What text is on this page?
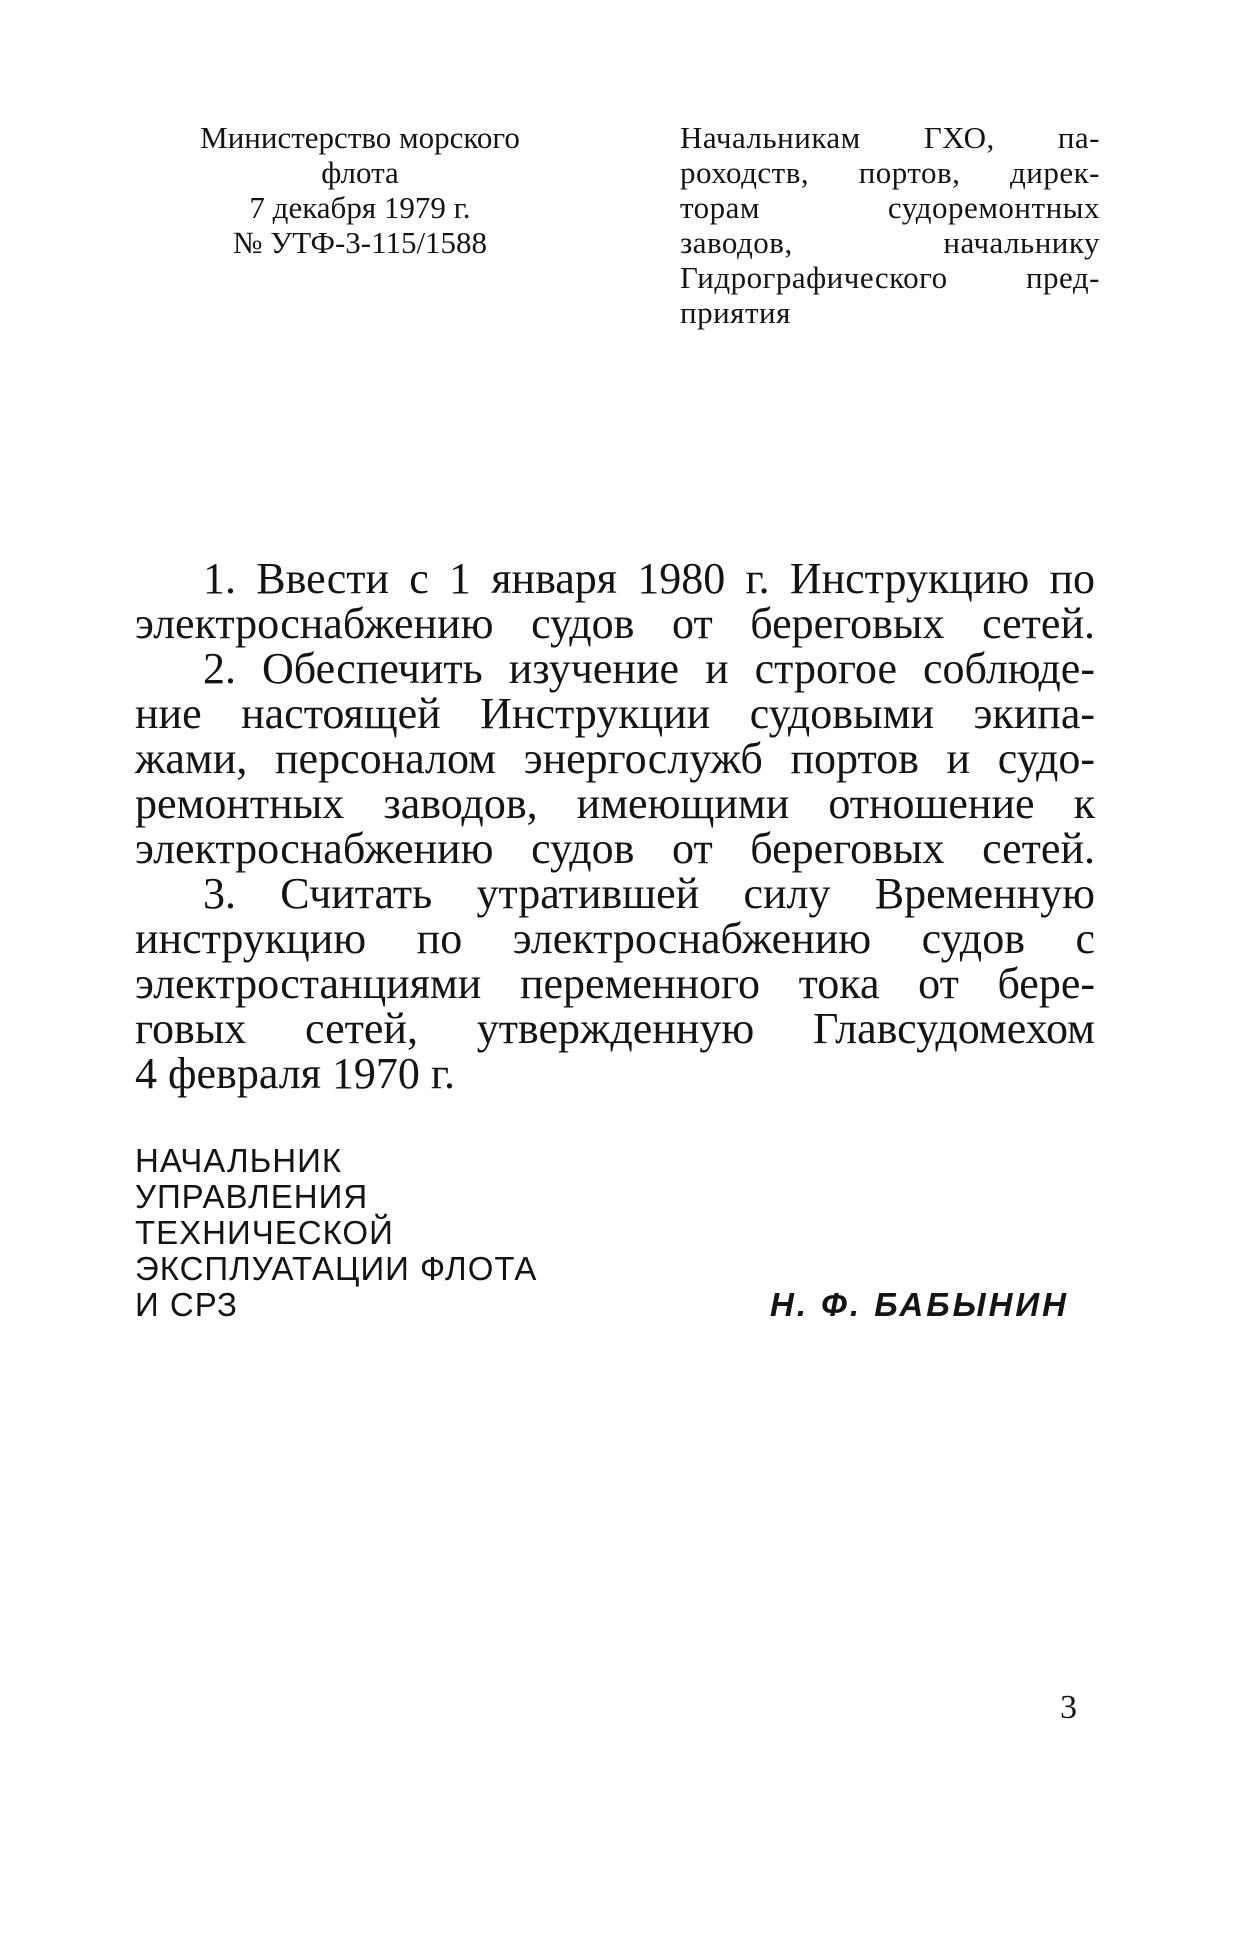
Министерство морского
флота
7 декабря 1979 г.
№ УТФ-3-115/1588
Начальникам ГХО, па-
роходств, портов, дирек-
торам судоремонтных
заводов, начальнику
Гидрографического пред-
приятия
1. Ввести с 1 января 1980 г. Инструкцию по
электроснабжению судов от береговых сетей.
2. Обеспечить изучение и строгое соблюде-
ние настоящей Инструкции судовыми экипа-
жами, персоналом энергослужб портов и судо-
ремонтных заводов, имеющими отношение к
электроснабжению судов от береговых сетей.
3. Считать утратившей силу Временную
инструкцию по электроснабжению судов с
электростанциями переменного тока от бере-
говых сетей, утвержденную Главсудомехом
4 февраля 1970 г.
НАЧАЛЬНИК
УПРАВЛЕНИЯ
ТЕХНИЧЕСКОЙ
ЭКСПЛУАТАЦИИ ФЛОТА
И СРЗ	Н. Ф. БАБЫНИН
3
